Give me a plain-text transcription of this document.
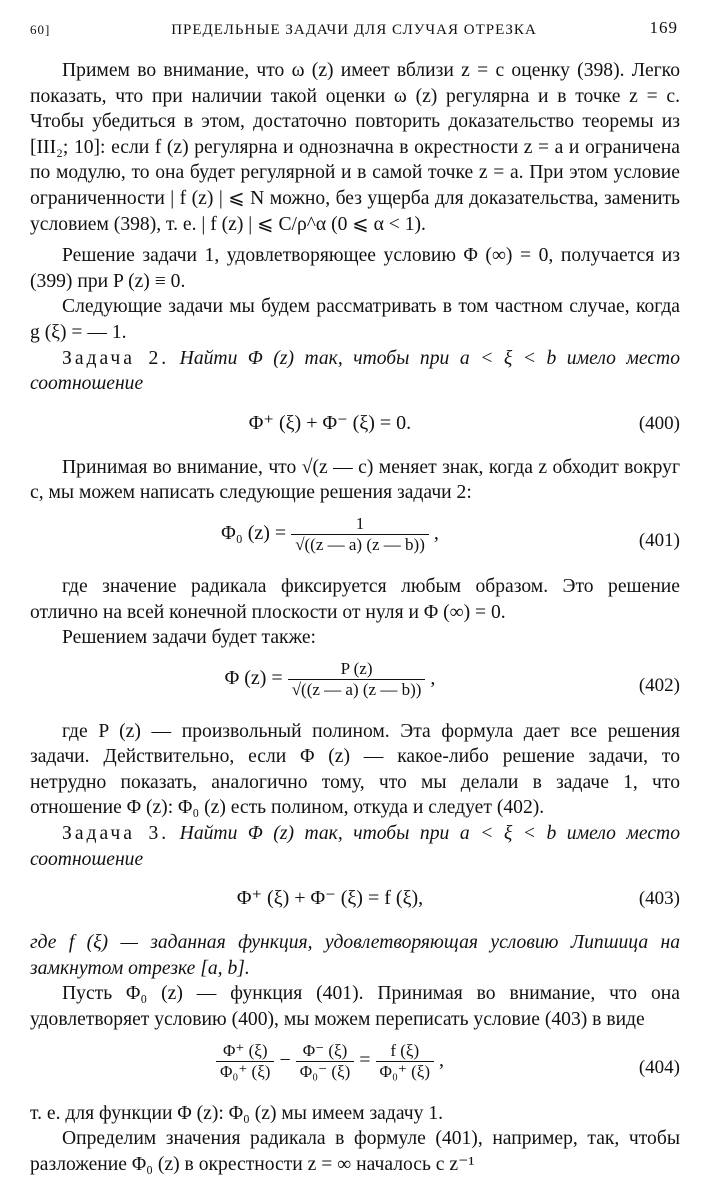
60]	ПРЕДЕЛЬНЫЕ ЗАДАЧИ ДЛЯ СЛУЧАЯ ОТРЕЗКА	169

Примем во внимание, что ω (z) имеет вблизи z = c оценку (398). Легко показать, что при наличии такой оценки ω (z) регулярна и в точке z = c. Чтобы убедиться в этом, достаточно повторить доказательство теоремы из [III₂; 10]: если f (z) регулярна и однозначна в окрестности z = a и ограничена по модулю, то она будет регулярной и в самой точке z = a. При этом условие ограниченности | f (z) | ⩽ N можно, без ущерба для доказательства, заменить условием (398), т. е. | f (z) | ⩽ C/ρ^α (0 ⩽ α < 1).

Решение задачи 1, удовлетворяющее условию Φ (∞) = 0, получается из (399) при P (z) ≡ 0.

Следующие задачи мы будем рассматривать в том частном случае, когда g (ξ) = — 1.

Задача 2. Найти Φ (z) так, чтобы при a < ξ < b имело место соотношение

Φ⁺ (ξ) + Φ⁻ (ξ) = 0.	(400)

Принимая во внимание, что √(z — c) меняет знак, когда z обходит вокруг c, мы можем написать следующие решения задачи 2:

Φ₀ $(z) = \frac{1}{√((z — a) (z — b))}$ ,	(401)

где значение радикала фиксируется любым образом. Это решение отлично на всей конечной плоскости от нуля и Φ (∞) = 0.

Решением задачи будет также:

Φ $(z) = \frac{P (z)}{√((z — a) (z — b))}$ ,	(402)

где P (z) — произвольный полином. Эта формула дает все решения задачи. Действительно, если Φ (z) — какое-либо решение задачи, то нетрудно показать, аналогично тому, что мы делали в задаче 1, что отношение Φ (z): Φ₀ (z) есть полином, откуда и следует (402).

Задача 3. Найти Φ (z) так, чтобы при a < ξ < b имело место соотношение

Φ⁺ (ξ) + Φ⁻ (ξ) = f (ξ),	(403)

где f (ξ) — заданная функция, удовлетворяющая условию Липшица на замкнутом отрезке [a, b].

Пусть Φ₀ (z) — функция (401). Принимая во внимание, что она удовлетворяет условию (400), мы можем переписать условие (403) в виде

$\frac{\Phi^+ (\xi)}{\text{Φ₀⁺ (ξ)}} - \frac{\Phi^- (\xi)}{\text{Φ₀⁻ (ξ)}} = \frac{f (\xi)}{\text{Φ₀⁺ (ξ)}}$ ,	(404)

т. е. для функции Φ (z): Φ₀ (z) мы имеем задачу 1.

Определим значения радикала в формуле (401), например, так, чтобы разложение Φ₀ (z) в окрестности z = ∞ началось с z⁻¹
